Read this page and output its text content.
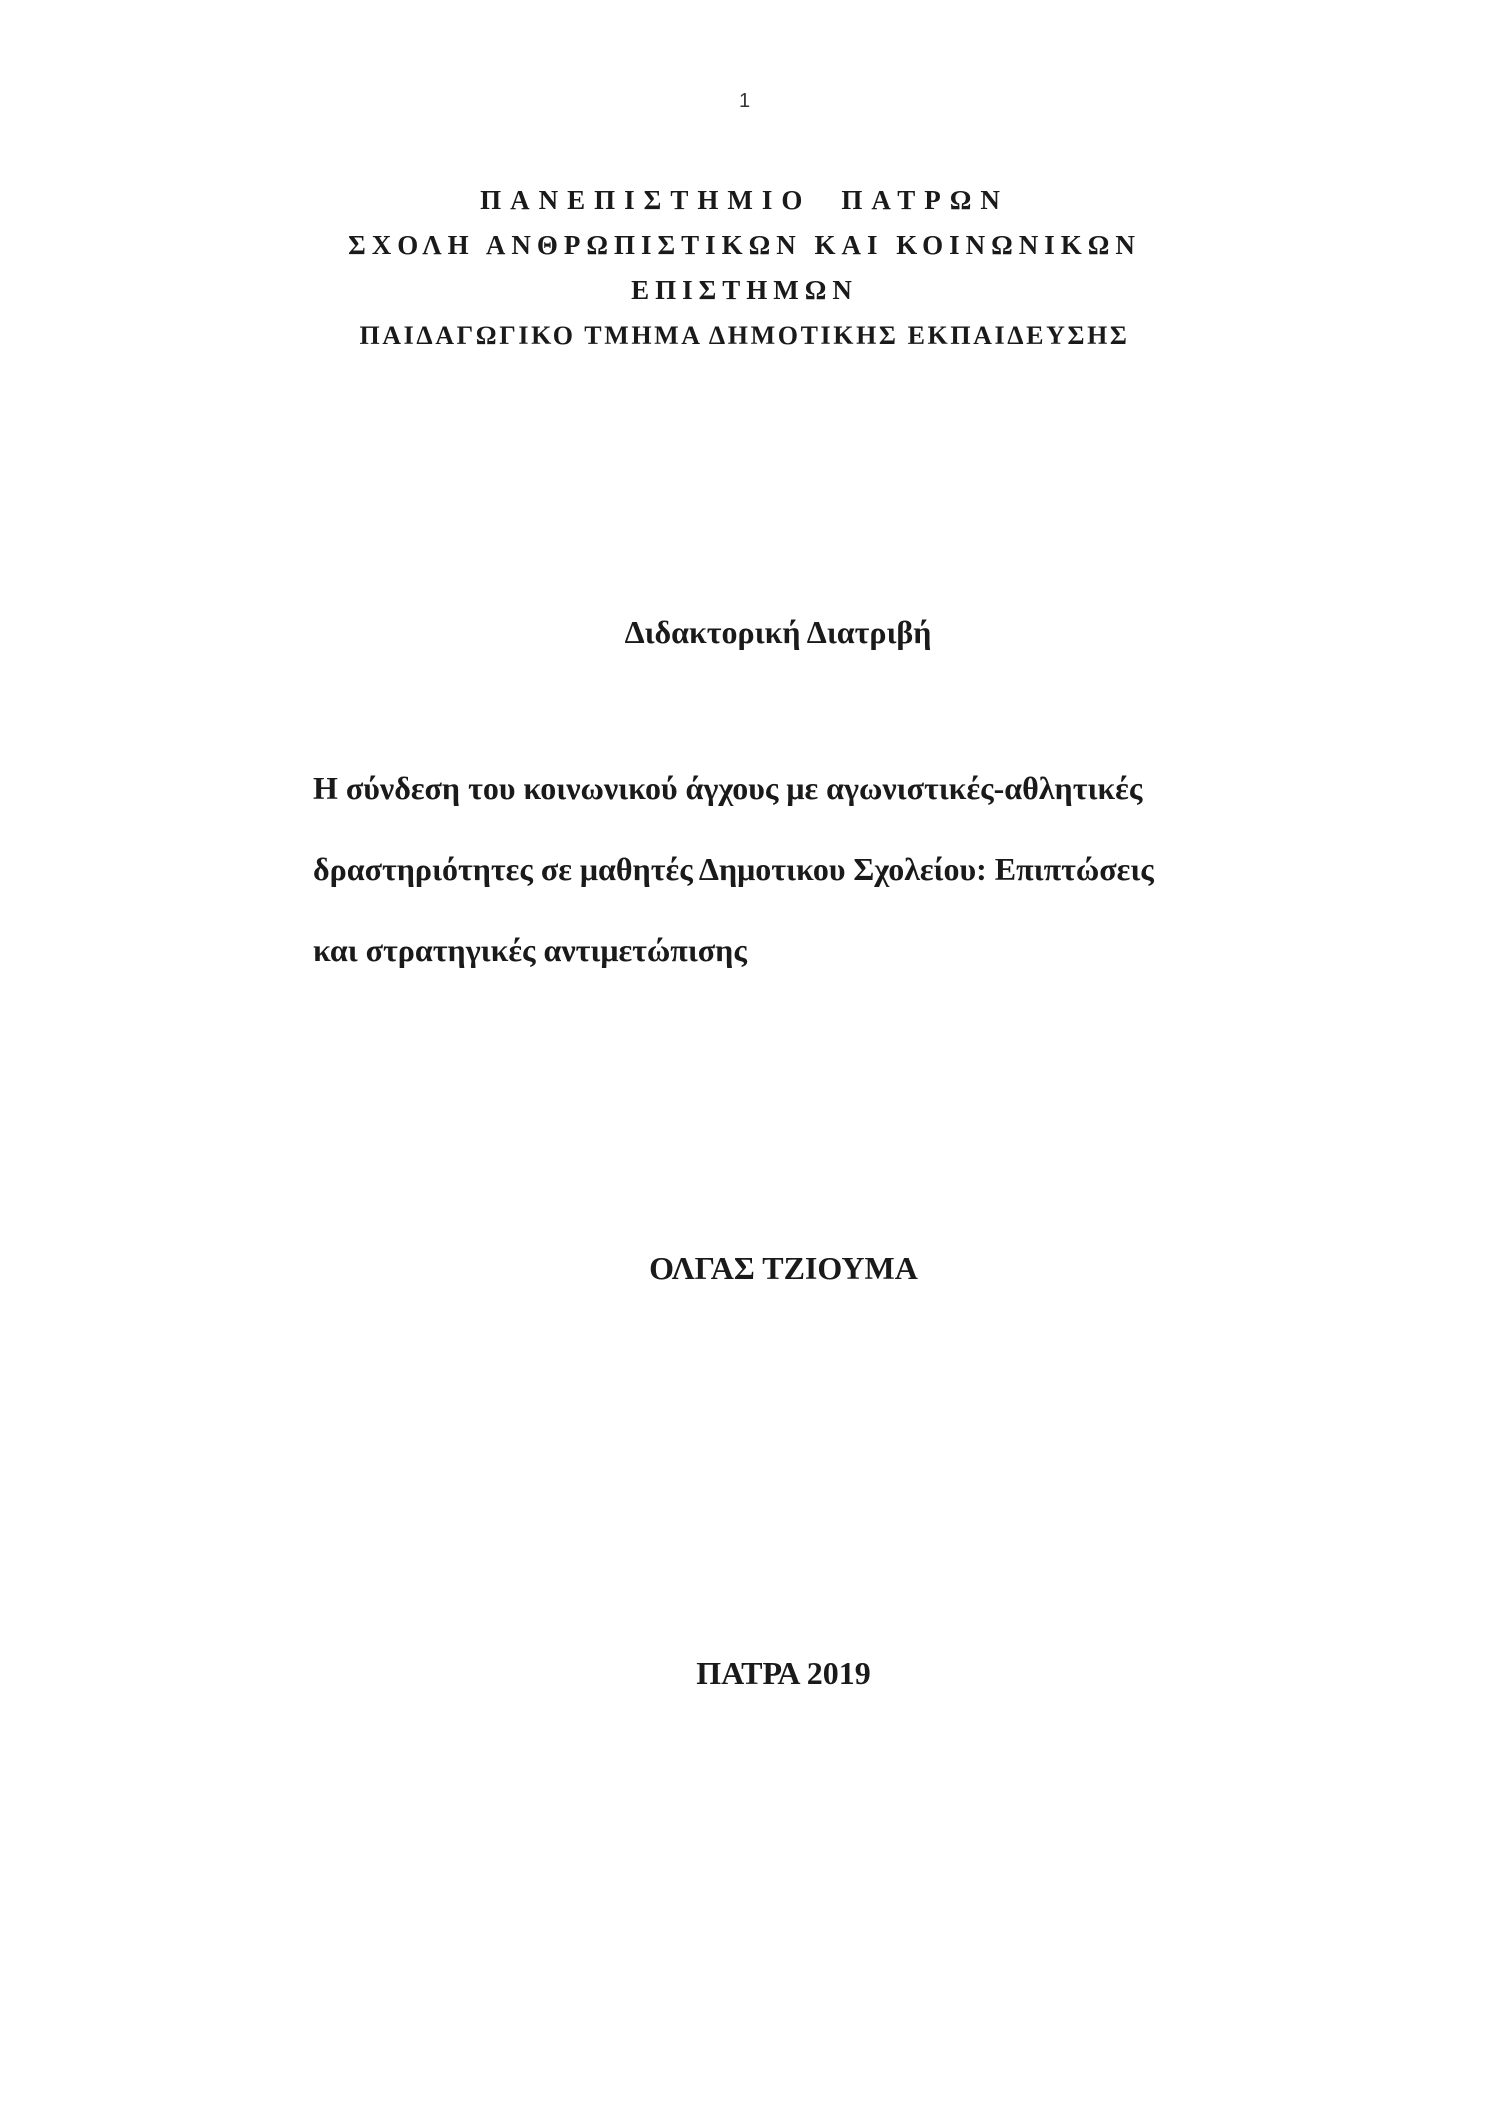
1
ΠΑΝΕΠΙΣΤΗΜΙΟ ΠΑΤΡΩΝ
ΣΧΟΛΗ ΑΝΘΡΩΠΙΣΤΙΚΩΝ ΚΑΙ ΚΟΙΝΩΝΙΚΩΝ
ΕΠΙΣΤΗΜΩΝ
ΠΑΙΔΑΓΩΓΙΚΟ ΤΜΗΜΑ ΔΗΜΟΤΙΚΗΣ ΕΚΠΑΙΔΕΥΣΗΣ
Διδακτορική Διατριβή
Η σύνδεση του κοινωνικού άγχους με αγωνιστικές-αθλητικές
δραστηριότητες σε μαθητές Δημοτικου Σχολείου: Επιπτώσεις
και στρατηγικές αντιμετώπισης
ΟΛΓΑΣ ΤΖΙΟΥΜΑ
ΠΑΤΡΑ 2019
